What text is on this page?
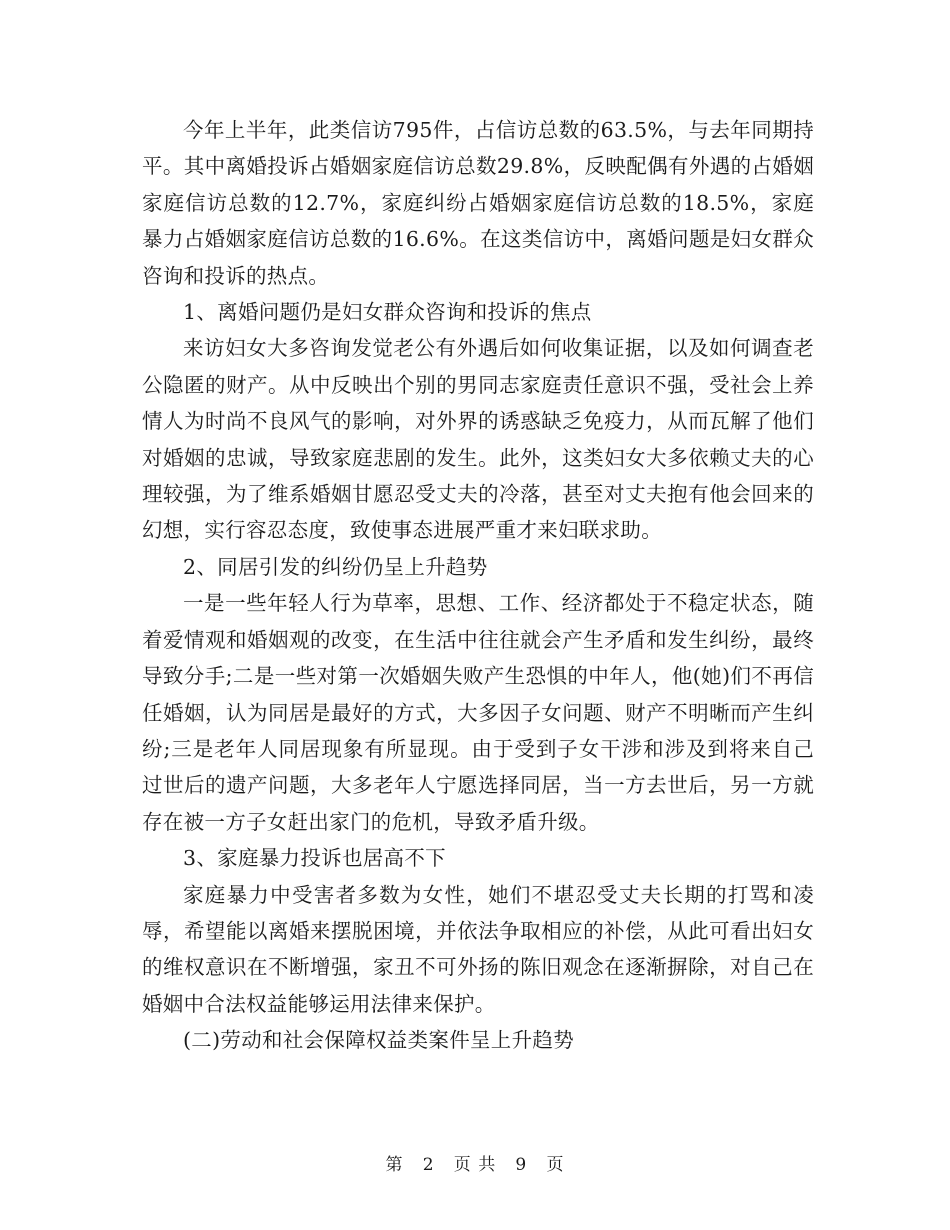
今年上半年，此类信访795件，占信访总数的63.5%，与去年同期持平。其中离婚投诉占婚姻家庭信访总数29.8%，反映配偶有外遇的占婚姻家庭信访总数的12.7%，家庭纠纷占婚姻家庭信访总数的18.5%，家庭暴力占婚姻家庭信访总数的16.6%。在这类信访中，离婚问题是妇女群众咨询和投诉的热点。

1、离婚问题仍是妇女群众咨询和投诉的焦点

来访妇女大多咨询发觉老公有外遇后如何收集证据，以及如何调查老公隐匿的财产。从中反映出个别的男同志家庭责任意识不强，受社会上养情人为时尚不良风气的影响，对外界的诱惑缺乏免疫力，从而瓦解了他们对婚姻的忠诚，导致家庭悲剧的发生。此外，这类妇女大多依赖丈夫的心理较强，为了维系婚姻甘愿忍受丈夫的冷落，甚至对丈夫抱有他会回来的幻想，实行容忍态度，致使事态进展严重才来妇联求助。

2、同居引发的纠纷仍呈上升趋势

一是一些年轻人行为草率，思想、工作、经济都处于不稳定状态，随着爱情观和婚姻观的改变，在生活中往往就会产生矛盾和发生纠纷，最终导致分手;二是一些对第一次婚姻失败产生恐惧的中年人，他(她)们不再信任婚姻，认为同居是最好的方式，大多因子女问题、财产不明晰而产生纠纷;三是老年人同居现象有所显现。由于受到子女干涉和涉及到将来自己过世后的遗产问题，大多老年人宁愿选择同居，当一方去世后，另一方就存在被一方子女赶出家门的危机，导致矛盾升级。

3、家庭暴力投诉也居高不下

家庭暴力中受害者多数为女性，她们不堪忍受丈夫长期的打骂和凌辱，希望能以离婚来摆脱困境，并依法争取相应的补偿，从此可看出妇女的维权意识在不断增强，家丑不可外扬的陈旧观念在逐渐摒除，对自己在婚姻中合法权益能够运用法律来保护。

(二)劳动和社会保障权益类案件呈上升趋势

第 2 页 共 9 页
